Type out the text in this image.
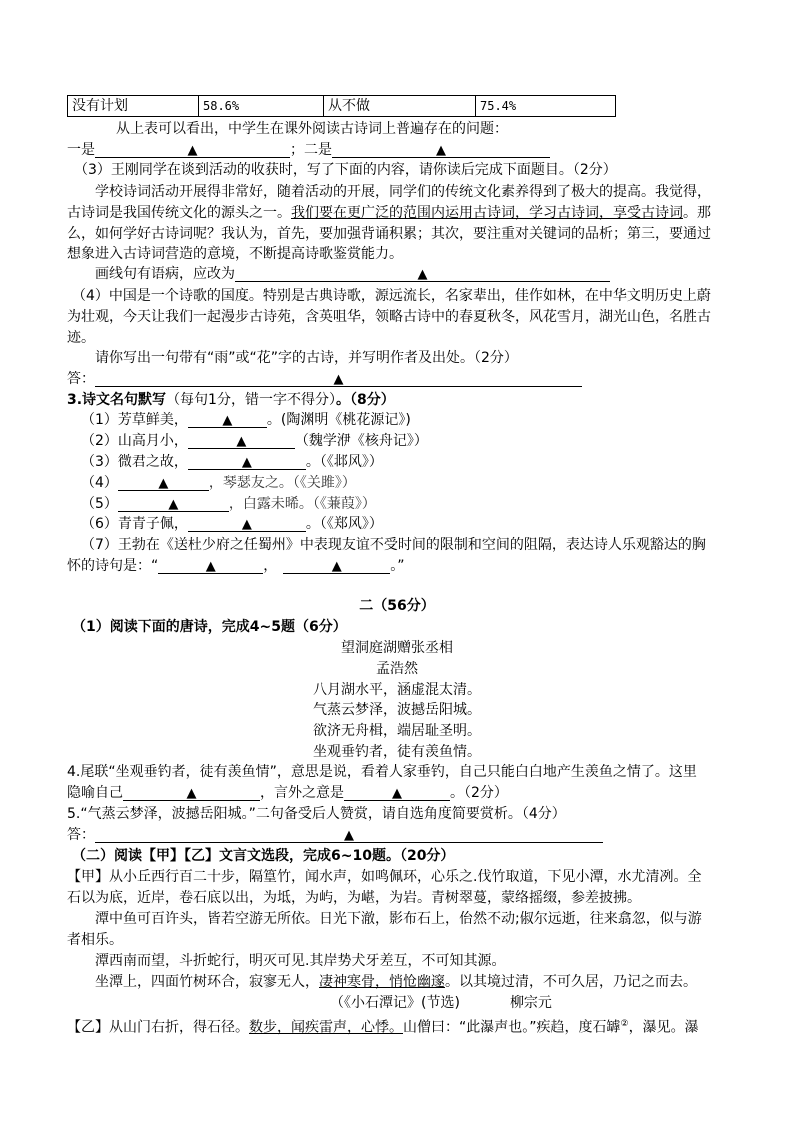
没有计划	58.6%	从不做	75.4%
从上表可以看出，中学生在课外阅读古诗词上普遍存在的问题：
一是	▲	；二是	▲
（3）王刚同学在谈到活动的收获时，写了下面的内容，请你读后完成下面题目。（2分）
学校诗词活动开展得非常好，随着活动的开展，同学们的传统文化素养得到了极大的提高。我觉得，
古诗词是我国传统文化的源头之一。我们要在更广泛的范围内运用古诗词，学习古诗词，享受古诗词。那
么，如何学好古诗词呢？我认为，首先，要加强背诵积累；其次，要注重对关键词的品析；第三，要通过
想象进入古诗词营造的意境，不断提高诗歌鉴赏能力。
画线句有语病，应改为	▲
（4）中国是一个诗歌的国度。特别是古典诗歌，源远流长，名家辈出，佳作如林，在中华文明历史上蔚
为壮观，今天让我们一起漫步古诗苑，含英咀华，领略古诗中的春夏秋冬，风花雪月，湖光山色，名胜古
迹。
请你写出一句带有“雨”或“花”字的古诗，并写明作者及出处。（2分）
答：	▲
3.诗文名句默写（每句1分，错一字不得分）。（8分）
（1）芳草鲜美，	▲ 。(陶渊明《桃花源记》)
（2）山高月小，	▲	（魏学洢《核舟记》）
（3）微君之故，	▲	。（《邶风》）
（4）	▲	，琴瑟友之。（《关雎》）
（5）	▲	，白露未晞。（《蒹葭》）
（6）青青子佩，	▲	。（《郑风》）
（7）王勃在《送杜少府之任蜀州》中表现友谊不受时间的限制和空间的阻隔，表达诗人乐观豁达的胸
怀的诗句是：“	▲	，	▲	。”
二（56分）
（1）阅读下面的唐诗，完成4~5题（6分）
望洞庭湖赠张丞相
孟浩然
八月湖水平，涵虚混太清。
气蒸云梦泽，波撼岳阳城。
欲济无舟楫，端居耻圣明。
坐观垂钓者，徒有羡鱼情。
4.尾联“坐观垂钓者，徒有羡鱼情”，意思是说，看着人家垂钓，自己只能白白地产生羡鱼之情了。这里
隐喻自己	▲	，言外之意是	▲	。（2分）
5.“气蒸云梦泽，波撼岳阳城。”二句备受后人赞赏，请自选角度简要赏析。（4分）
答：	▲
（二）阅读【甲】【乙】文言文选段，完成6~10题。（20分）
【甲】从小丘西行百二十步，隔篁竹，闻水声，如鸣佩环，心乐之.伐竹取道，下见小潭，水尤清冽。全
石以为底，近岸，卷石底以出，为坻，为屿，为嵁，为岩。青树翠蔓，蒙络摇缀，参差披拂。
潭中鱼可百许头，皆若空游无所依。日光下澈，影布石上，佁然不动;俶尔远逝，往来翕忽，似与游
者相乐。
潭西南而望，斗折蛇行，明灭可见.其岸势犬牙差互，不可知其源。
坐潭上，四面竹树环合，寂寥无人，凄神寒骨，悄怆幽邃。以其境过清，不可久居，乃记之而去。
（《小石潭记》(节选)	柳宗元
【乙】从山门右折，得石径。数步，闻疾雷声，心悸。山僧曰：“此瀑声也。”疾趋，度石罅②，瀑见。瀑
